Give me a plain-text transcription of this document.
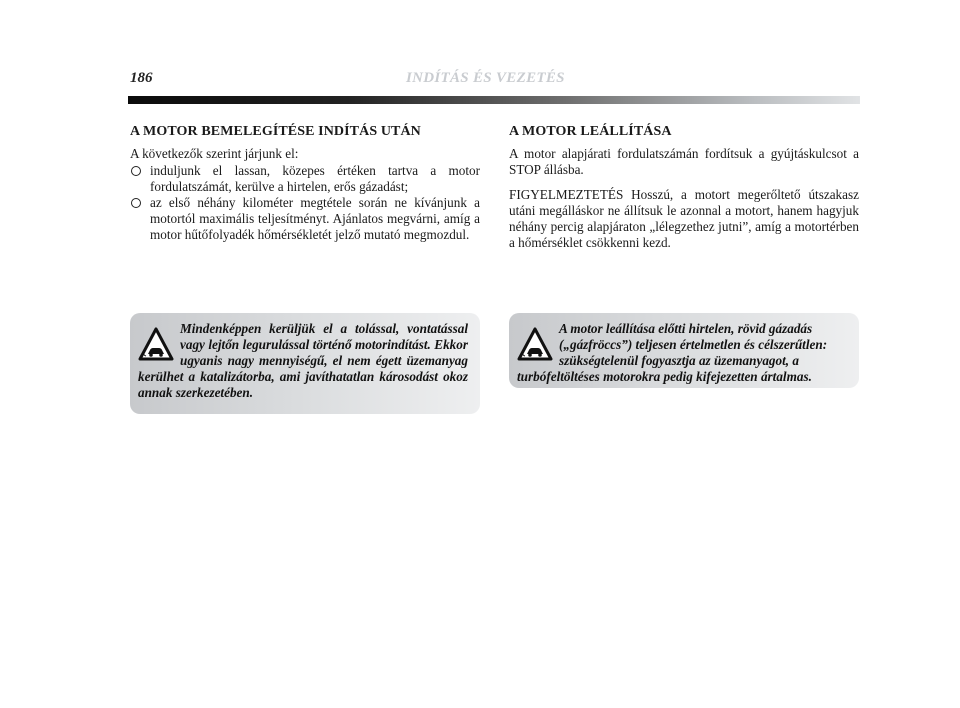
186	INDÍTÁS ÉS VEZETÉS
A MOTOR BEMELEGÍTÉSE INDÍTÁS UTÁN

A következők szerint járjunk el:

induljunk el lassan, közepes értéken tartva a motor fordulatszámát, kerülve a hirtelen, erős gázadást;
az első néhány kilométer megtétele során ne kívánjunk a motortól maximális teljesítményt. Ajánlatos megvárni, amíg a motor hűtőfolyadék hőmérsékletét jelző mutató megmozdul.
A MOTOR LEÁLLÍTÁSA

A motor alapjárati fordulatszámán fordítsuk a gyújtáskulcsot a STOP állásba.

FIGYELMEZTETÉS Hosszú, a motort megerőltető útszakasz utáni megálláskor ne állítsuk le azonnal a motort, hanem hagyjuk néhány percig alapjáraton „lélegzethez jutni”, amíg a motortérben a hőmérséklet csökkenni kezd.

Mindenképpen kerüljük el a tolással, vontatással vagy lejtőn legurulással történő motorindítást. Ekkor ugyanis nagy mennyiségű, el nem égett üzemanyag kerülhet a katalizátorba, ami javíthatatlan károsodást okoz annak szerkezetében.
A motor leállítása előtti hirtelen, rövid gázadás („gázfröccs”) teljesen értelmetlen és célszerűtlen: szükségtelenül fogyasztja az üzemanyagot, a turbófeltöltéses motorokra pedig kifejezetten ártalmas.
